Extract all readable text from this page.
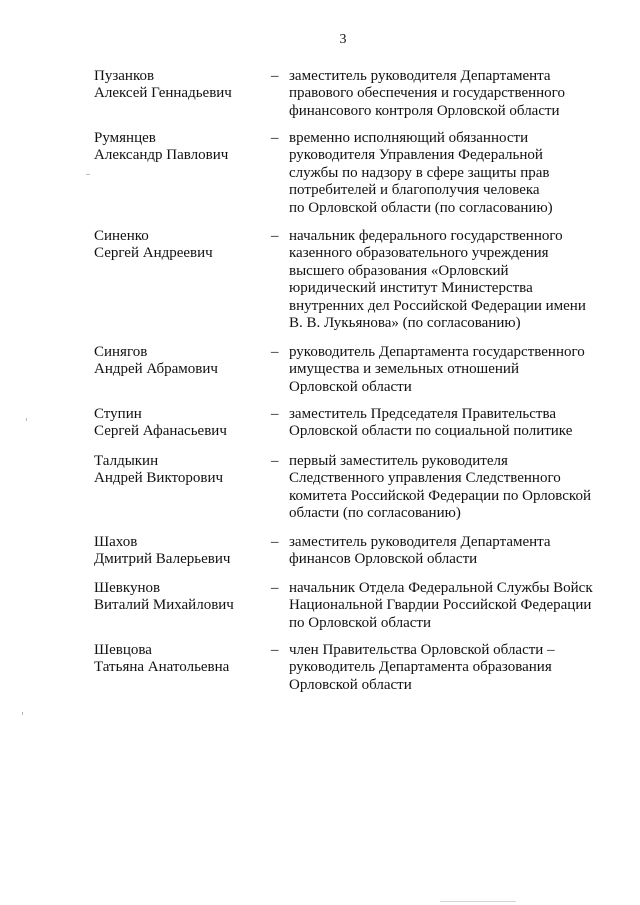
3
Пузанков
Алексей Геннадьевич
– заместитель руководителя Департамента
правового обеспечения и государственного
финансового контроля Орловской области
Румянцев
Александр Павлович
– временно исполняющий обязанности
руководителя Управления Федеральной
службы по надзору в сфере защиты прав
потребителей и благополучия человека
по Орловской области (по согласованию)
Синенко
Сергей Андреевич
– начальник федерального государственного
казенного образовательного учреждения
высшего образования «Орловский
юридический институт Министерства
внутренних дел Российской Федерации имени
В. В. Лукьянова» (по согласованию)
Синягов
Андрей Абрамович
– руководитель Департамента государственного
имущества и земельных отношений
Орловской области
Ступин
Сергей Афанасьевич
– заместитель Председателя Правительства
Орловской области по социальной политике
Талдыкин
Андрей Викторович
– первый заместитель руководителя
Следственного управления Следственного
комитета Российской Федерации по Орловской
области (по согласованию)
Шахов
Дмитрий Валерьевич
– заместитель руководителя Департамента
финансов Орловской области
Шевкунов
Виталий Михайлович
– начальник Отдела Федеральной Службы Войск
Национальной Гвардии Российской Федерации
по Орловской области
Шевцова
Татьяна Анатольевна
– член Правительства Орловской области –
руководитель Департамента образования
Орловской области
